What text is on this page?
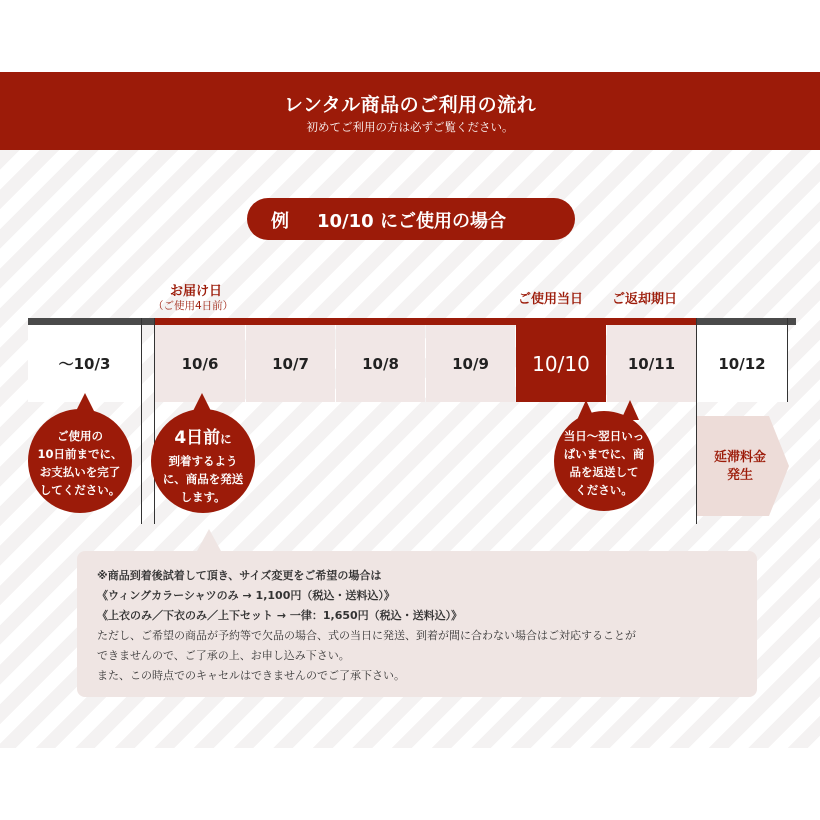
レンタル商品のご利用の流れ
初めてご利用の方は必ずご覧ください。
例 10/10 にご使用の場合
お届け日
（ご使用4日前）	ご使用当日 ご返却期日
〜10/3	10/6	10/7	10/8	10/9	10/10	10/11	10/12
ご使用の
10日前までに、
お支払いを完了
してください。
4日前に
到着するよう
に、商品を発送
します。
当日〜翌日いっ
ぱいまでに、商
品を返送して
ください。
延滞料金
発生
※商品到着後試着して頂き、サイズ変更をご希望の場合は
《ウィングカラーシャツのみ → 1,100円（税込・送料込）》
《上衣のみ／下衣のみ／上下セット → 一律：1,650円（税込・送料込）》
ただし、ご希望の商品が予約等で欠品の場合、式の当日に発送、到着が間に合わない場合はご対応することが
できませんので、ご了承の上、お申し込み下さい。
また、この時点でのキャセルはできませんのでご了承下さい。
